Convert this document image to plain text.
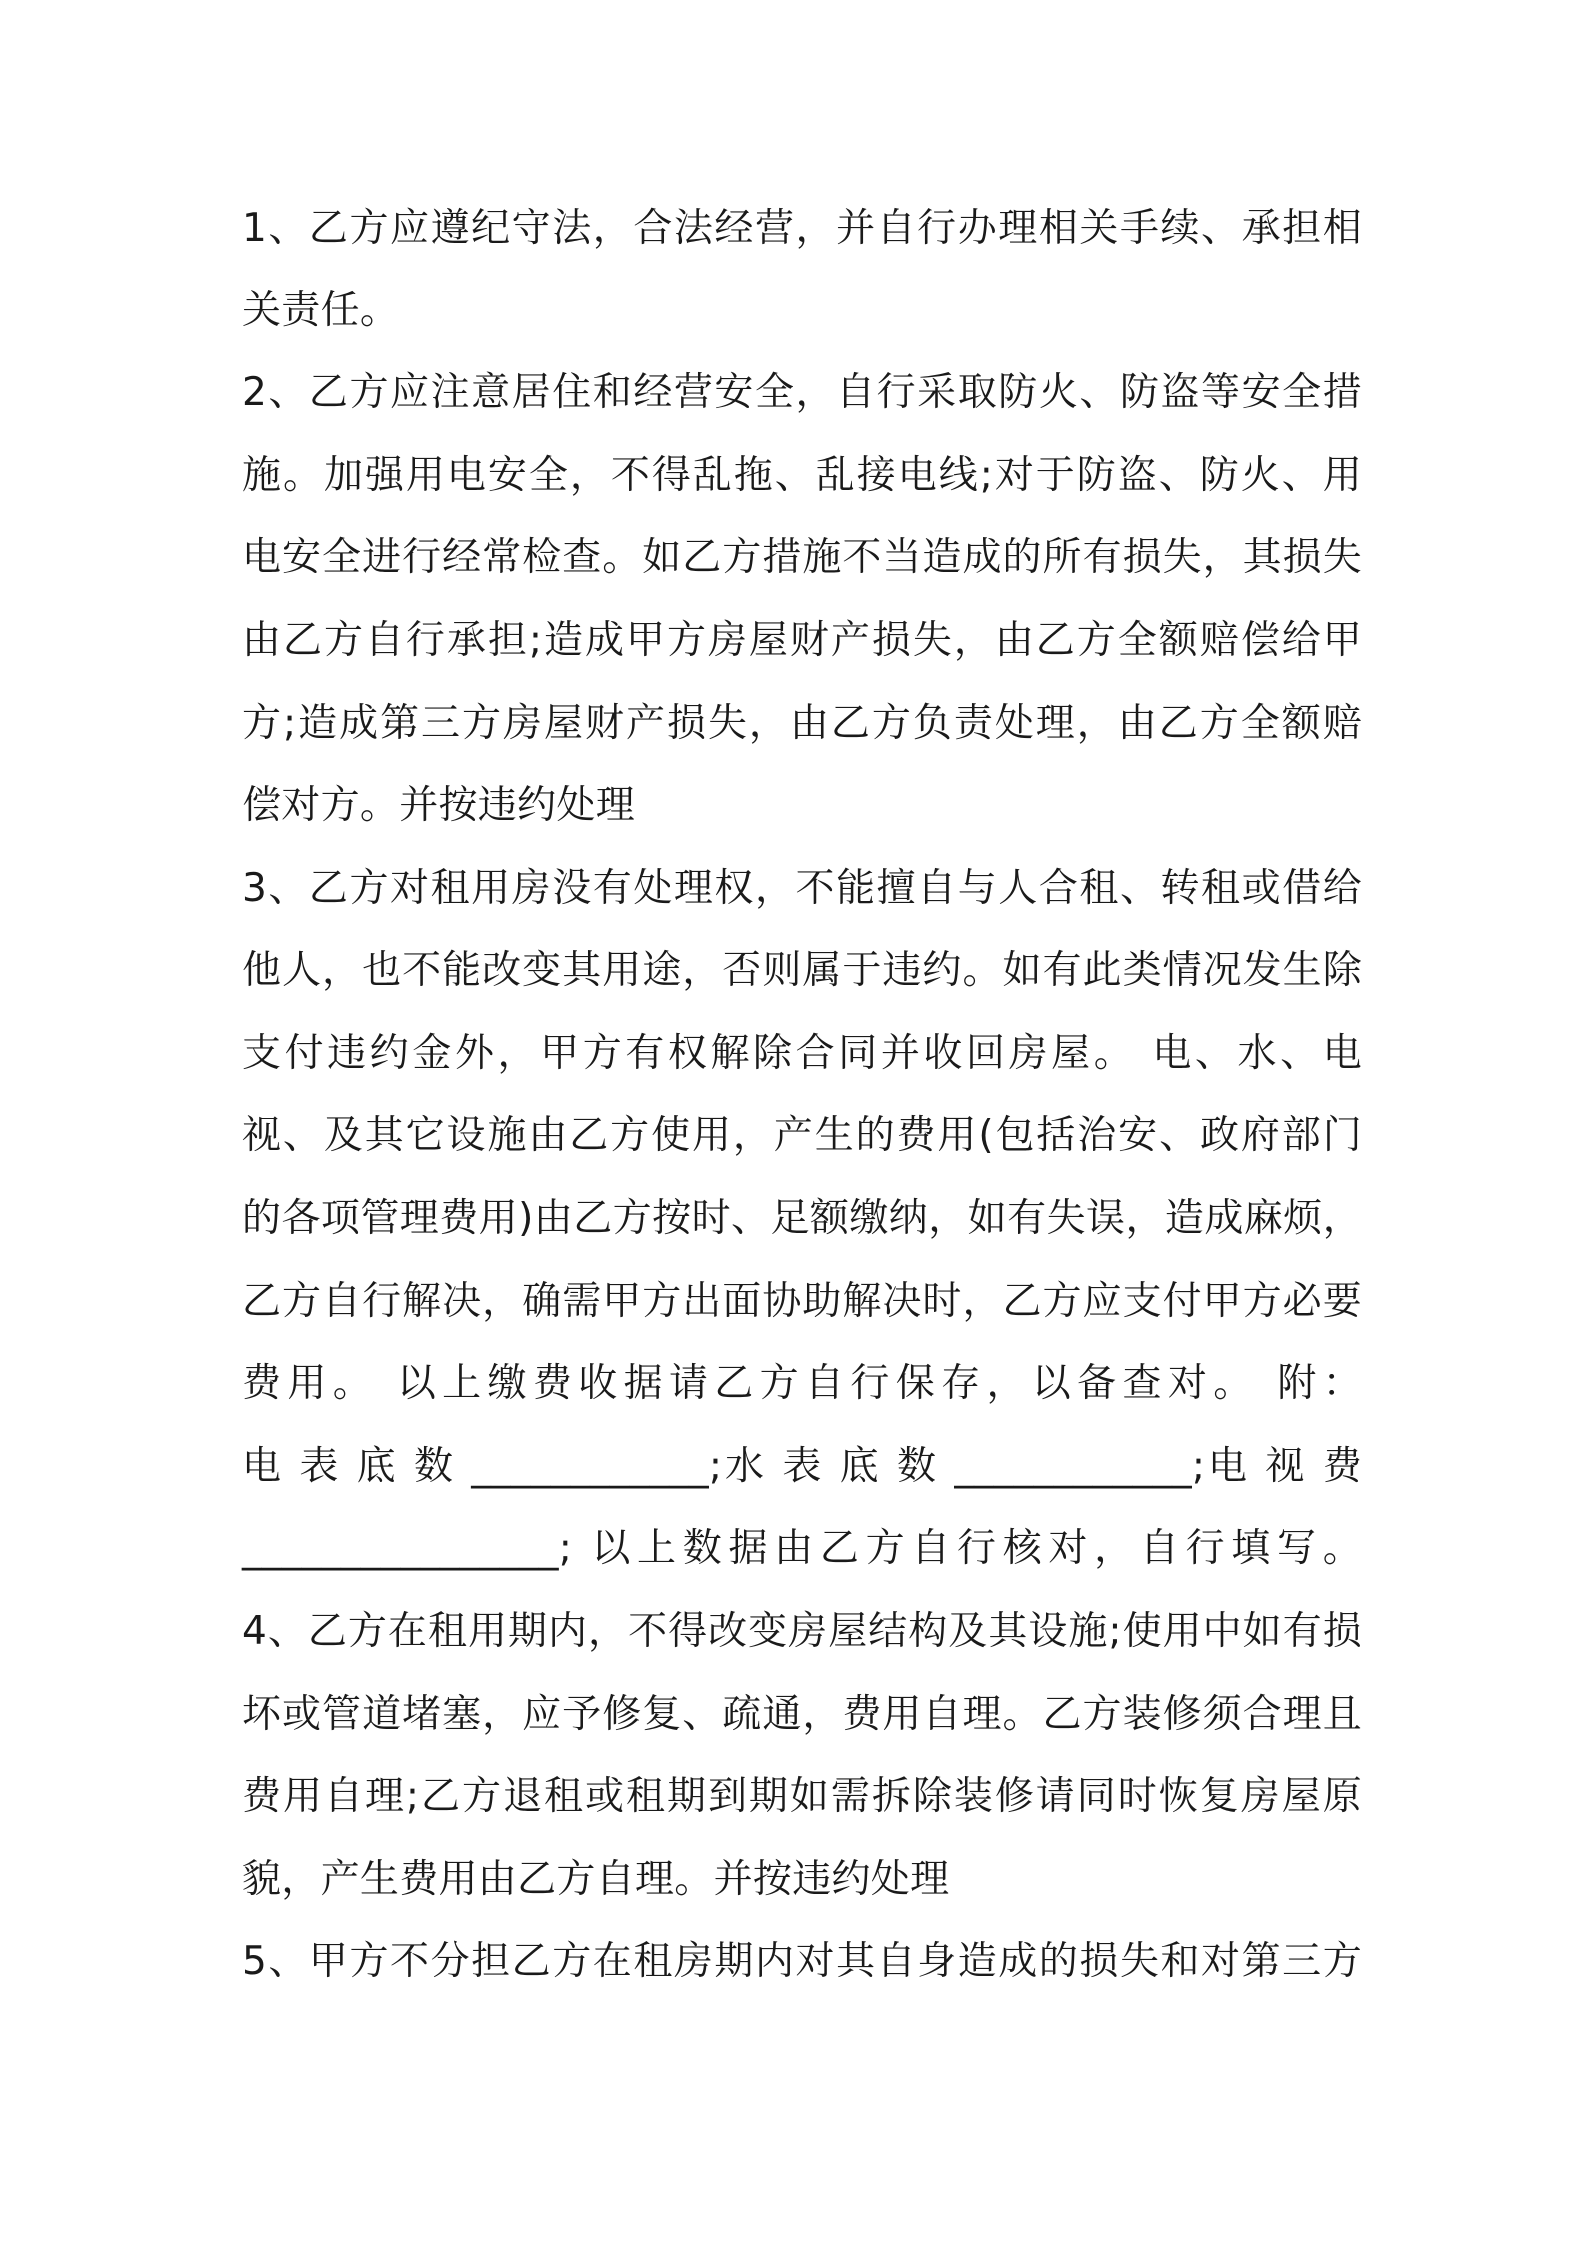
1、乙方应遵纪守法，合法经营，并自行办理相关手续、承担相
关责任。
2、乙方应注意居住和经营安全，自行采取防火、防盗等安全措
施。加强用电安全，不得乱拖、乱接电线;对于防盗、防火、用
电安全进行经常检查。如乙方措施不当造成的所有损失，其损失
由乙方自行承担;造成甲方房屋财产损失，由乙方全额赔偿给甲
方;造成第三方房屋财产损失，由乙方负责处理，由乙方全额赔
偿对方。并按违约处理
3、乙方对租用房没有处理权，不能擅自与人合租、转租或借给
他人，也不能改变其用途，否则属于违约。如有此类情况发生除
支付违约金外，甲方有权解除合同并收回房屋。 电、水、电
视、及其它设施由乙方使用，产生的费用(包括治安、政府部门
的各项管理费用)由乙方按时、足额缴纳，如有失误，造成麻烦，
乙方自行解决，确需甲方出面协助解决时，乙方应支付甲方必要
费用。 以上缴费收据请乙方自行保存，以备查对。 附：
电 表 底 数 ____________;水 表 底 数 ____________;电 视 费
________________; 以上数据由乙方自行核对，自行填写。
4、乙方在租用期内，不得改变房屋结构及其设施;使用中如有损
坏或管道堵塞，应予修复、疏通，费用自理。乙方装修须合理且
费用自理;乙方退租或租期到期如需拆除装修请同时恢复房屋原
貌，产生费用由乙方自理。并按违约处理
5、甲方不分担乙方在租房期内对其自身造成的损失和对第三方
